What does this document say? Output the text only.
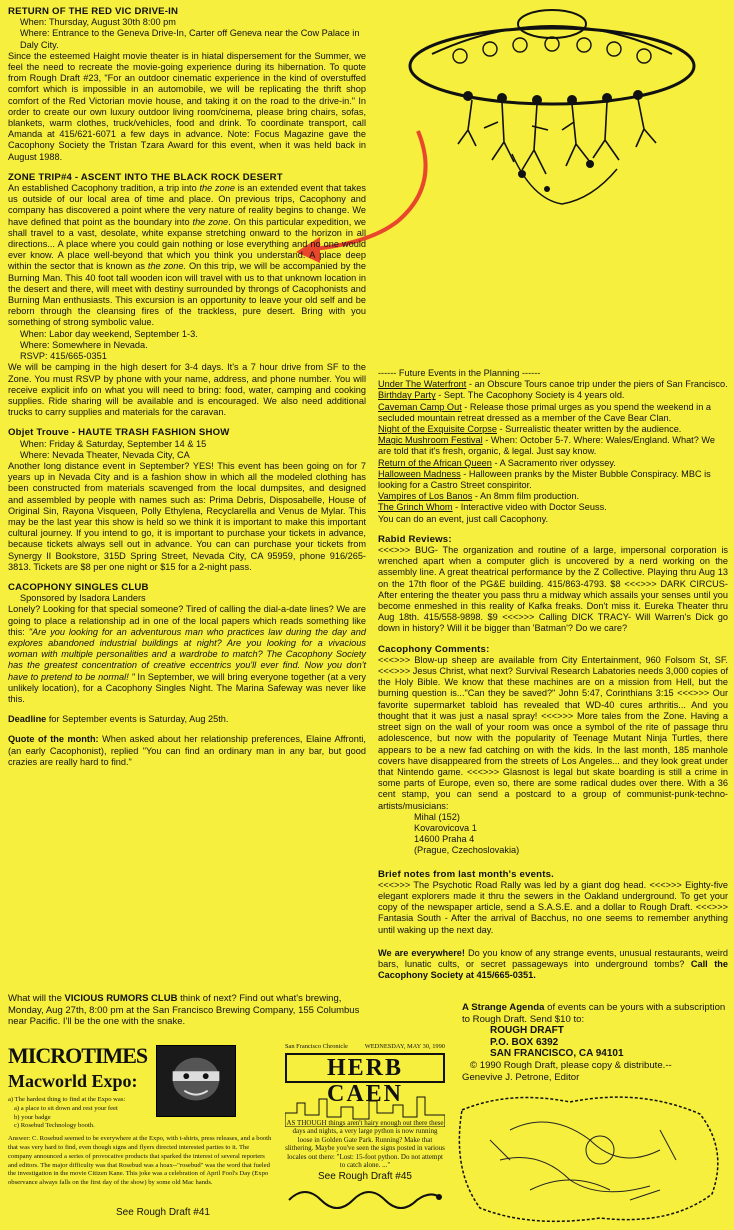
RETURN OF THE RED VIC DRIVE-IN
When: Thursday, August 30th 8:00 pm
Where: Entrance to the Geneva Drive-In, Carter off Geneva near the Cow Palace in Daly City.

Since the esteemed Haight movie theater is in hiatal dispersement for the Summer, we feel the need to recreate the movie-going experience during its hibernation. To quote from Rough Draft #23, "For an outdoor cinematic experience in the kind of overstuffed comfort which is impossible in an automobile, we will be replicating the thrift shop comfort of the Red Victorian movie house, and taking it on the road to the drive-in." In order to create our own luxury outdoor living room/cinema, please bring chairs, sofas, blankets, warm clothes, truck/vehicles, food and drink. To coordinate transport, call Amanda at 415/621-6071 a few days in advance. Note: Focus Magazine gave the Cacophony Society the Tristan Tzara Award for this event, when it was held back in August 1988.

ZONE TRIP#4 - ASCENT INTO THE BLACK ROCK DESERT

An established Cacophony tradition, a trip into the zone is an extended event that takes us outside of our local area of time and place. On previous trips, Cacophony and company has discovered a point where the very nature of reality begins to change. We have defined that point as the boundary into the zone. On this particular expedition, we shall travel to a vast, desolate, white expanse stretching onward to the horizon in all directions... A place where you could gain nothing or lose everything and no one would ever know. A place well-beyond that which you think you understand. A place deep within the sector that is known as the zone. On this trip, we will be accompanied by the Burning Man. This 40 foot tall wooden icon will travel with us to that unknown location in the desert and there, will meet with destiny surrounded by throngs of Cacophonists and Burning Man enthusiasts. This excursion is an opportunity to leave your old self and be reborn through the cleansing fires of the trackless, pure desert. Bring with you something of strong symbolic value.

When: Labor day weekend, September 1-3.
Where: Somewhere in Nevada.
RSVP: 415/665-0351

We will be camping in the high desert for 3-4 days. It's a 7 hour drive from SF to the Zone. You must RSVP by phone with your name, address, and phone number. You will receive explicit info on what you will need to bring: food, water, camping and cooking supplies. Ride sharing will be available and is encouraged. We also need additional trucks to carry supplies and materials for the caravan.

Objet Trouve - HAUTE TRASH FASHION SHOW
When: Friday & Saturday, September 14 & 15
Where: Nevada Theater, Nevada City, CA

Another long distance event in September? YES! This event has been going on for 7 years up in Nevada City and is a fashion show in which all the modeled clothing has been constructed from materials scavenged from the local dumpsites, and designed and assembled by people with names such as: Prima Debris, Disposabelle, House of Original Sin, Rayona Visqueen, Polly Ethylena, Recyclarella and Venus de Mylar. This may be the last year this show is held so we think it is important to make this important cultural journey. If you intend to go, it is important to purchase your tickets in advance, because tickets always sell out in advance. You can can purchase your tickets from Synergy II Bookstore, 315D Spring Street, Nevada City, CA 95959, phone 916/265-3813. Tickets are $8 per one night or $15 for a 2-night pass.

CACOPHONY SINGLES CLUB
Sponsored by Isadora Landers

Lonely? Looking for that special someone? Tired of calling the dial-a-date lines? We are going to place a relationship ad in one of the local papers which reads something like this: "Are you looking for an adventurous man who practices law during the day and explores abandoned industrial buildings at night? Are you looking for a vivacious woman with multiple personalities and a wardrobe to match? The Cacophony Society has the greatest concentration of creative eccentrics you'll ever find. Now you don't have to pretend to be normal! " In September, we will bring everyone together (at a very unlikely location), for a Cacophony Singles Night. The Marina Safeway was never like this.

Deadline for September events is Saturday, Aug 25th.

Quote of the month: When asked about her relationship preferences, Elaine Affronti, (an early Cacophonist), replied "You can find an ordinary man in any bar, but good crazies are really hard to find."

------ Future Events in the Planning ------
Under The Waterfront - an Obscure Tours canoe trip under the piers of San Francisco.
Birthday Party - Sept. The Cacophony Society is 4 years old.
Caveman Camp Out - Release those primal urges as you spend the weekend in a secluded mountain retreat dressed as a member of the Cave Bear Clan.
Night of the Exquisite Corpse - Surrealistic theater written by the audience.
Magic Mushroom Festival - When: October 5-7. Where: Wales/England. What? We are told that it's fresh, organic, & legal. Just say know.
Return of the African Queen - A Sacramento river odyssey.
Halloween Madness - Halloween pranks by the Mister Bubble Conspiracy. MBC is looking for a Castro Street conspiritor.
Vampires of Los Banos - An 8mm film production.
The Grinch Whom - Interactive video with Doctor Seuss.
You can do an event, just call Cacophony.
Rabid Reviews:

<<<>>> BUG- The organization and routine of a large, impersonal corporation is wrenched apart when a computer glich is uncovered by a nerd working on the assembly line. A great theatrical performance by the Z Collective. Playing thru Aug 13 on the 17th floor of the PG&E building. 415/863-4793. $8 <<<>>> DARK CIRCUS- After entering the theater you pass thru a midway which assails your senses until you become enmeshed in this reality of Kafka freaks. Don't miss it. Eureka Theater thru Aug 18th. 415/558-9898. $9 <<<>>> Calling DICK TRACY- Will Warren's Dick go down in history? Will it be bigger than 'Batman'? Do we care?

Cacophony Comments:

<<<>>> Blow-up sheep are available from City Entertainment, 960 Folsom St, SF. <<<>>> Jesus Christ, what next? Survival Research Labatories needs 3,000 copies of the Holy Bible. We know that these machines are on a mission from Hell, but the burning question is..."Can they be saved?" John 5:47, Corinthians 3:15 <<<>>> Our favorite supermarket tabloid has revealed that WD-40 cures arthritis... And you thought that it was just a nasal spray! <<<>>> More tales from the Zone. Having a street sign on the wall of your room was once a symbol of the rite of passage thru adolescence, but now with the popularity of Teenage Mutant Ninja Turtles, there appears to be a new fad catching on with the kids. In the last month, 185 manhole covers have disappeared from the streets of Los Angeles... and they look great under that Nintendo game. <<<>>> Glasnost is legal but skate boarding is still a crime in some parts of Europe, even so, there are some radical dudes over there. With a 36 cent stamp, you can send a postcard to a group of communist-punk-techno-artists/musicians:

Mihal (152)
Kovarovicova 1
14600 Praha 4
(Prague, Czechoslovakia)
Brief notes from last month's events.

<<<>>> The Psychotic Road Rally was led by a giant dog head. <<<>>> Eighty-five elegant explorers made it thru the sewers in the Oakland underground. To get your copy of the newspaper article, send a S.A.S.E. and a dollar to Rough Draft. <<<>>> Fantasia South - After the arrival of Bacchus, no one seems to remember anything until waking up the next day.

We are everywhere! Do you know of any strange events, unusual restaurants, weird bars, lunatic cults, or secret passageways into underground tombs? Call the Cacophony Society at 415/665-0351.

What will the VICIOUS RUMORS CLUB think of next? Find out what's brewing, Monday, Aug 27th, 8:00 pm at the San Francisco Brewing Company, 155 Columbus near Pacific. I'll be the one with the snake.
MICROTIMES
Macworld Expo:
a) The hardest thing to find at the Expo was:
a) a place to sit down and rest your feet
b) your badge
c) Rosebud Technology booth.
Answer: C. Rosebud seemed to be everywhere at the Expo, with t-shirts, press releases, and a booth that was very hard to find, even though signs and flyers directed interested parties to it. The company announced a series of provocative products that sparked the interest of several reporters and editors. The major difficulty was that Rosebud was a hoax--"rosebud" was the word that fueled the investigation in the movie Citizen Kane. This joke was a celebration of April Fool's Day (Expo observance always falls on the first day of the show) by some old Mac hands.
See Rough Draft #41
San Francisco Chronicle	WEDNESDAY, MAY 30, 1990
HERB CAEN
AS THOUGH things aren't hairy enough out there these days and nights, a very large python is now running loose in Golden Gate Park. Running? Make that slithering. Maybe you've seen the signs posted in various locales out there: "Lost: 15-foot python. Do not attempt to catch alone. ..."
See Rough Draft #45
A Strange Agenda of events can be yours with a subscription to Rough Draft. Send $10 to:
ROUGH DRAFT
P.O. BOX 6392
SAN FRANCISCO, CA 94101
© 1990 Rough Draft, please copy & distribute.--
Genevive J. Petrone, Editor
